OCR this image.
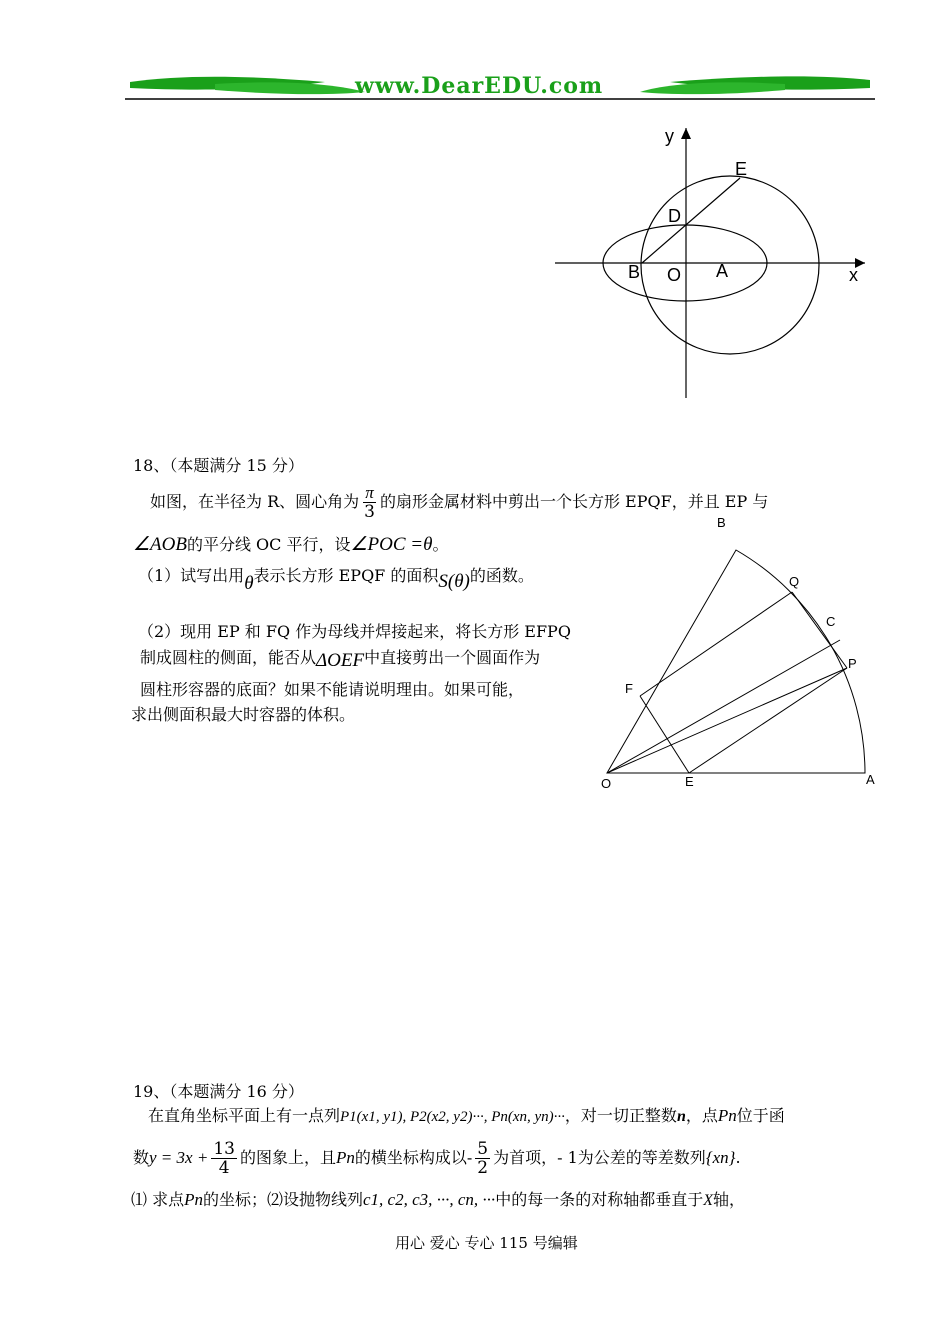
www.DearEDU.com
y
E
D
B O A	x
18、（本题满分 15 分）
如图，在半径为 R、圆心角为 $\frac{\pi}{3}$ 的扇形金属材料中剪出一个长方形 EPQF，并且 EP 与
∠AOB的平分线 OC 平行，设∠POC =θ。
（1）试写出用θ表示长方形 EPQF 的面积S(θ)的函数。
（2）现用 EP 和 FQ 作为母线并焊接起来，将长方形 EFPQ
制成圆柱的侧面，能否从ΔOEF中直接剪出一个圆面作为
圆柱形容器的底面？如果不能请说明理由。如果可能，
求出侧面积最大时容器的体积。
B
Q
C
P
F
O	E	A
19、（本题满分 16 分）
在直角坐标平面上有一点列P1(x1, y1), P2(x2, y2)···, Pn(xn, yn)···，对一切正整数n，点Pn位于函
数$y = 3x + \frac{13}{4}$ 的图象上，且Pn的横坐标构成以- $\frac{5}{2}$ 为首项，- 1为公差的等差数列{xn}.
⑴ 求点Pn的坐标；⑵设抛物线列c1, c2, c3, ···, cn, ···中的每一条的对称轴都垂直于X轴，
用心 爱心 专心 115 号编辑
